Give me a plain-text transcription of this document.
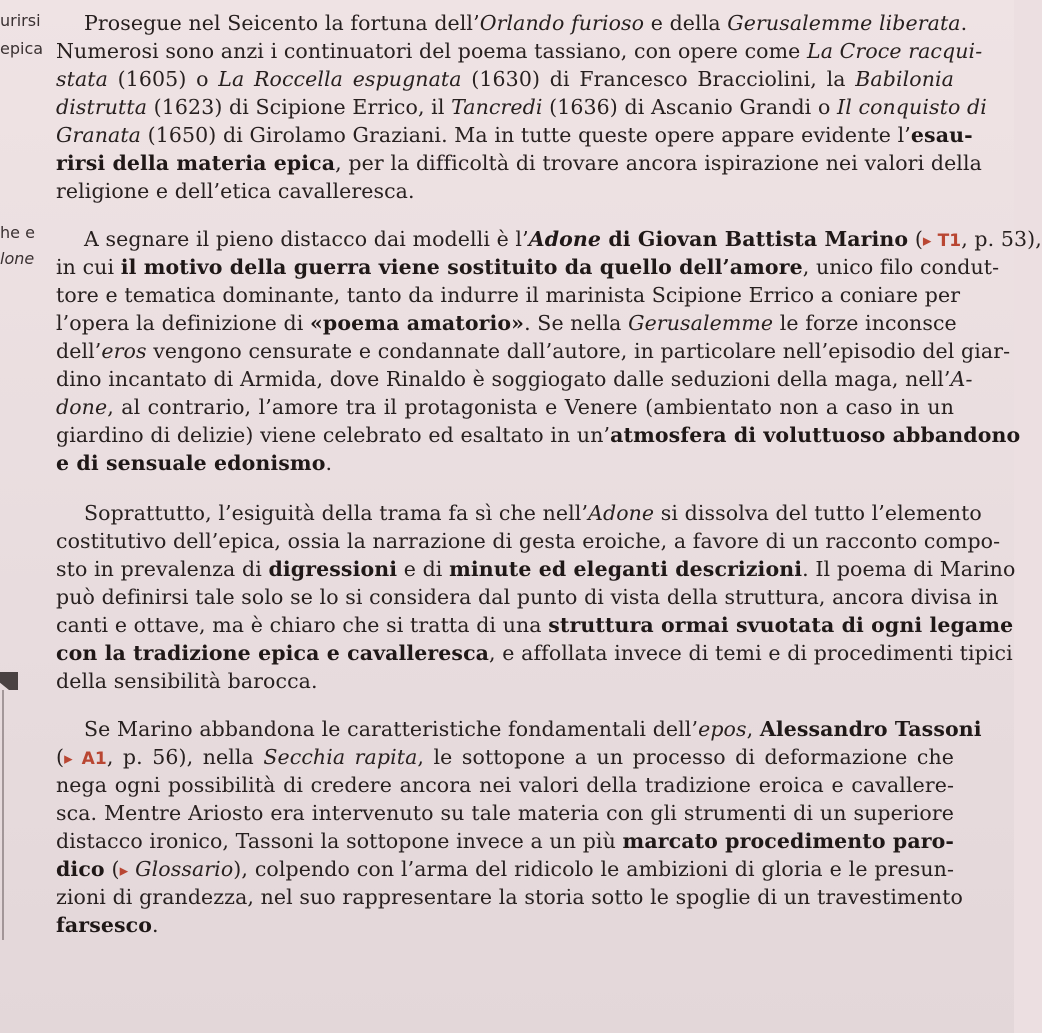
urirsi
epica
he e
lone
Prosegue nel Seicento la fortuna dell’Orlando furioso e della Gerusalemme liberata.
Numerosi sono anzi i continuatori del poema tassiano, con opere come La Croce racqui-
stata (1605) o La Roccella espugnata (1630) di Francesco Bracciolini, la Babilonia
distrutta (1623) di Scipione Errico, il Tancredi (1636) di Ascanio Grandi o Il conquisto di
Granata (1650) di Girolamo Graziani. Ma in tutte queste opere appare evidente l’esau-
rirsi della materia epica, per la difficoltà di trovare ancora ispirazione nei valori della
religione e dell’etica cavalleresca.
A segnare il pieno distacco dai modelli è l’Adone di Giovan Battista Marino (▸ T1, p. 53),
in cui il motivo della guerra viene sostituito da quello dell’amore, unico filo condut-
tore e tematica dominante, tanto da indurre il marinista Scipione Errico a coniare per
l’opera la definizione di «poema amatorio». Se nella Gerusalemme le forze inconsce
dell’eros vengono censurate e condannate dall’autore, in particolare nell’episodio del giar-
dino incantato di Armida, dove Rinaldo è soggiogato dalle seduzioni della maga, nell’A-
done, al contrario, l’amore tra il protagonista e Venere (ambientato non a caso in un
giardino di delizie) viene celebrato ed esaltato in un’atmosfera di voluttuoso abbandono
e di sensuale edonismo.
Soprattutto, l’esiguità della trama fa sì che nell’Adone si dissolva del tutto l’elemento
costitutivo dell’epica, ossia la narrazione di gesta eroiche, a favore di un racconto compo-
sto in prevalenza di digressioni e di minute ed eleganti descrizioni. Il poema di Marino
può definirsi tale solo se lo si considera dal punto di vista della struttura, ancora divisa in
canti e ottave, ma è chiaro che si tratta di una struttura ormai svuotata di ogni legame
con la tradizione epica e cavalleresca, e affollata invece di temi e di procedimenti tipici
della sensibilità barocca.
Se Marino abbandona le caratteristiche fondamentali dell’epos, Alessandro Tassoni
(▸ A1, p. 56), nella Secchia rapita, le sottopone a un processo di deformazione che
nega ogni possibilità di credere ancora nei valori della tradizione eroica e cavallere-
sca. Mentre Ariosto era intervenuto su tale materia con gli strumenti di un superiore
distacco ironico, Tassoni la sottopone invece a un più marcato procedimento paro-
dico (▸ Glossario), colpendo con l’arma del ridicolo le ambizioni di gloria e le presun-
zioni di grandezza, nel suo rappresentare la storia sotto le spoglie di un travestimento
farsesco.
